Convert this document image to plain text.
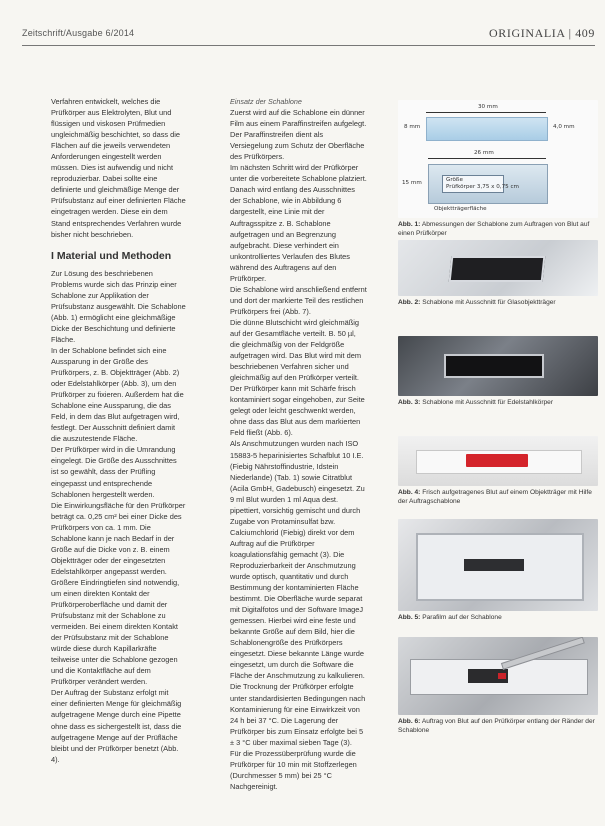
Zeitschrift/Ausgabe 6/2014	ORIGINALIA | 409

Verfahren entwickelt, welches die Prüfkörper aus Elektrolyten, Blut und flüssigen und viskosen Prüfmedien ungleichmäßig beschichtet, so dass die Flächen auf die jeweils verwendeten Anforderungen eingestellt werden müssen. Dies ist aufwendig und nicht reproduzierbar. Dabei sollte eine definierte und gleichmäßige Menge der Prüfsubstanz auf einer definierten Fläche eingetragen werden. Diese ein dem Stand entsprechendes Verfahren wurde bisher nicht beschrieben.

I Material und Methoden

Zur Lösung des beschriebenen Problems wurde sich das Prinzip einer Schablone zur Applikation der Prüfsubstanz ausgewählt. Die Schablone (Abb. 1) ermöglicht eine gleichmäßige Dicke der Beschichtung und definierte Fläche.

In der Schablone befindet sich eine Aussparung in der Größe des Prüfkörpers, z. B. Objektträger (Abb. 2) oder Edelstahlkörper (Abb. 3), um den Prüfkörper zu fixieren. Außerdem hat die Schablone eine Aussparung, die das Feld, in dem das Blut aufgetragen wird, festlegt. Der Ausschnitt definiert damit die auszutestende Fläche.

Der Prüfkörper wird in die Umrandung eingelegt. Die Größe des Ausschnittes ist so gewählt, dass der Prüfling eingepasst und entsprechende Schablonen hergestellt werden.

Die Einwirkungsfläche für den Prüfkörper beträgt ca. 0,25 cm² bei einer Dicke des Prüfkörpers von ca. 1 mm. Die Schablone kann je nach Bedarf in der Größe auf die Dicke von z. B. einem Objektträger oder der eingesetzten Edelstahlkörper angepasst werden. Größere Eindringtiefen sind notwendig, um einen direkten Kontakt der Prüfkörperoberfläche und damit der Prüfsubstanz mit der Schablone zu vermeiden. Bei einem direkten Kontakt der Prüfsubstanz mit der Schablone würde diese durch Kapillarkräfte teilweise unter die Schablone gezogen und die Kontaktfläche auf dem Prüfkörper verändert werden.

Der Auftrag der Substanz erfolgt mit einer definierten Menge für gleichmäßig aufgetragene Menge durch eine Pipette ohne dass es sichergestellt ist, dass die aufgetragene Menge auf der Prüfläche bleibt und der Prüfkörper benetzt (Abb. 4).

Einsatz der Schablone

Zuerst wird auf die Schablone ein dünner Film aus einem Paraffinstreifen aufgelegt. Der Paraffinstreifen dient als Versiegelung zum Schutz der Oberfläche des Prüfkörpers.

Im nächsten Schritt wird der Prüfkörper unter die vorbereitete Schablone platziert. Danach wird entlang des Ausschnittes der Schablone, wie in Abbildung 6 dargestellt, eine Linie mit der Auftragsspitze z. B. Schablone aufgetragen und an Begrenzung aufgebracht. Diese verhindert ein unkontrolliertes Verlaufen des Blutes während des Auftragens auf den Prüfkörper.

Die Schablone wird anschließend entfernt und dort der markierte Teil des restlichen Prüfkörpers frei (Abb. 7).

Die dünne Blutschicht wird gleichmäßig auf der Gesamtfläche verteilt. B. 50 µl, die gleichmäßig von der Feldgröße aufgetragen wird. Das Blut wird mit dem beschriebenen Verfahren sicher und gleichmäßig auf den Prüfkörper verteilt. Der Prüfkörper kann mit Schärfe frisch kontaminiert sogar eingehoben, zur Seite gelegt oder leicht geschwenkt werden, ohne dass das Blut aus dem markierten Feld fließt (Abb. 6).

Als Anschmutzungen wurden nach ISO 15883-5 heparinisiertes Schafblut 10 I.E. (Fiebig Nährstoffindustrie, Idstein Niederlande) (Tab. 1) sowie Citratblut (Acila GmbH, Gadebusch) eingesetzt. Zu 9 ml Blut wurden 1 ml Aqua dest. pipettiert, vorsichtig gemischt und durch Zugabe von Protaminsulfat bzw. Calciumchlorid (Fiebig) direkt vor dem Auftrag auf die Prüfkörper koagulationsfähig gemacht (3). Die Reproduzierbarkeit der Anschmutzung wurde optisch, quantitativ und durch Bestimmung der kontaminierten Fläche bestimmt. Die Oberfläche wurde separat mit Digitalfotos und der Software ImageJ gemessen. Hierbei wird eine feste und bekannte Größe auf dem Bild, hier die Schablonengröße des Prüfkörpers eingesetzt. Diese bekannte Länge wurde eingesetzt, um durch die Software die Fläche der Anschmutzung zu kalkulieren.

Die Trocknung der Prüfkörper erfolgte unter standardisierten Bedingungen nach Kontaminierung für eine Einwirkzeit von 24 h bei 37 °C. Die Lagerung der Prüfkörper bis zum Einsatz erfolgte bei 5 ± 3 °C über maximal sieben Tage (3).

Für die Prozessüberprüfung wurde die Prüfkörper für 10 min mit Stoffzerlegen (Durchmesser 5 mm) bei 25 °C Nachgereinigt.

30 mm
8 mm	4,0 mm
26 mm
15 mm	Größe
Prüfkörper 3,75 x 0,75 cm
Objektträgerfläche
Abb. 1: Abmessungen der Schablone zum Auftragen von Blut auf einen Prüfkörper
Abb. 2: Schablone mit Ausschnitt für Glasobjektträger
Abb. 3: Schablone mit Ausschnitt für Edelstahlkörper
Abb. 4: Frisch aufgetragenes Blut auf einem Objektträger mit Hilfe der Auftragschablone
Abb. 5: Parafilm auf der Schablone
Abb. 6: Auftrag von Blut auf den Prüfkörper entlang der Ränder der Schablone
